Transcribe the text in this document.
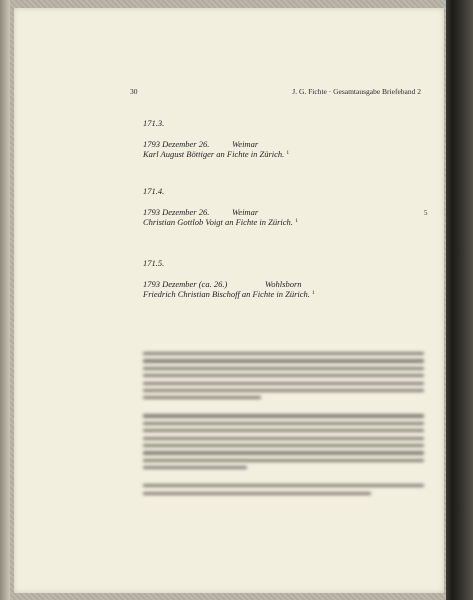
30	J. G. Fichte · Gesamtausgabe Briefeband 2
171.3.
1793 Dezember 26.	Weimar
Karl August Böttiger an Fichte in Zürich. $^1$
171.4.
1793 Dezember 26.	Weimar
Christian Gottlob Voigt an Fichte in Zürich. $^1$
171.5.
1793 Dezember (ca. 26.)	Wohlsborn
Friedrich Christian Bischoff an Fichte in Zürich. $^1$
5
